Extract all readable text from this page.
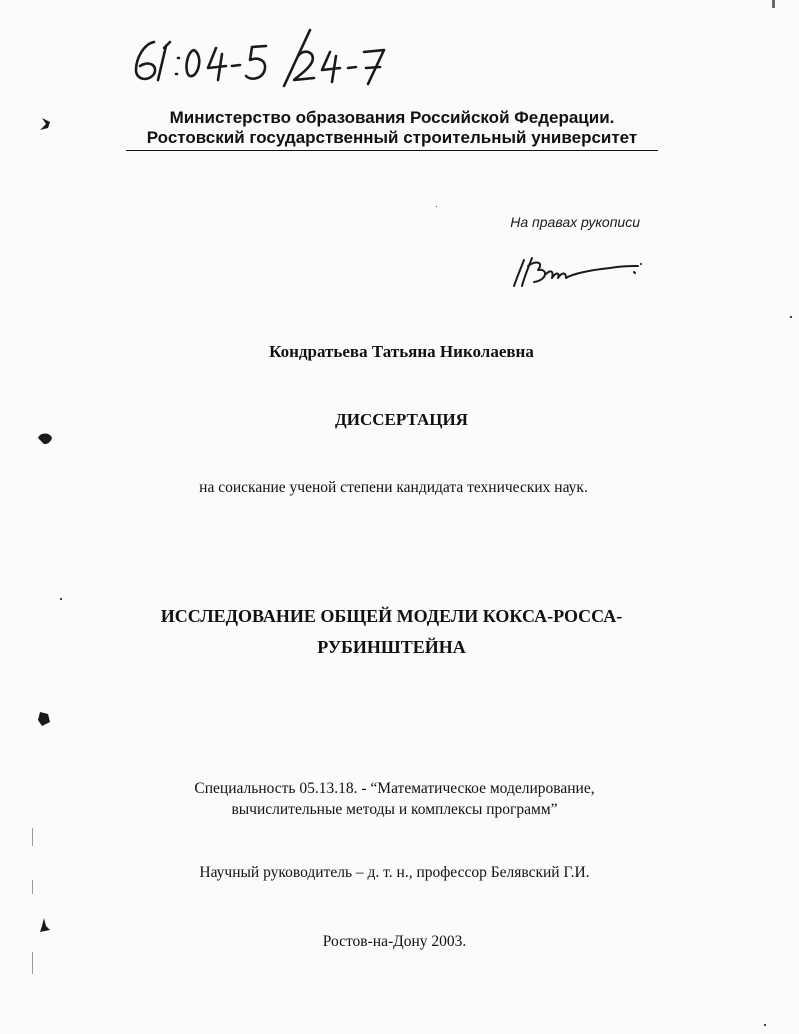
Министерство образования Российской Федерации.
Ростовский государственный строительный университет
На правах рукописи

Кондратьева Татьяна Николаевна

ДИССЕРТАЦИЯ

на соискание ученой степени кандидата технических наук.

ИССЛЕДОВАНИЕ ОБЩЕЙ МОДЕЛИ КОКСА-РОССА-
РУБИНШТЕЙНА
Специальность 05.13.18. - “Математическое моделирование,
вычислительные методы и комплексы программ”

Научный руководитель – д. т. н., профессор Белявский Г.И.

Ростов-на-Дону 2003.
